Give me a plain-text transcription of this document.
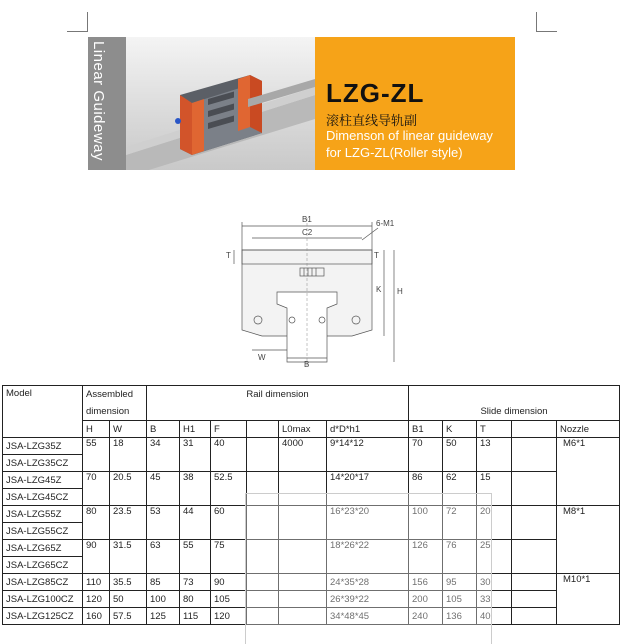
Linear Guideway	LZG-ZL
滚柱直线导轨副
Dimenson of linear guideway
for LZG-ZL(Roller style)
B1
C2
6-M1
T	T
K H
W
B
Model	Assembled dimension		Rail dimension						Slide dimension				
	H	W	B	H1	F		L0max	d*D*h1	B1	K	T		Nozzle
JSA-LZG35Z	55	18	34	31	40		4000	9*14*12	70	50	13		M6*1
JSA-LZG35CZ													
JSA-LZG45Z	70	20.5	45	38	52.5			14*20*17	86	62	15		
JSA-LZG45CZ													
JSA-LZG55Z	80	23.5	53	44	60			16*23*20	100	72	20		M8*1
JSA-LZG55CZ													
JSA-LZG65Z	90	31.5	63	55	75			18*26*22	126	76	25		
JSA-LZG65CZ													
JSA-LZG85CZ	110	35.5	85	73	90			24*35*28	156	95	30		M10*1
JSA-LZG100CZ	120	50	100	80	105			26*39*22	200	105	33		
JSA-LZG125CZ	160	57.5	125	115	120			34*48*45	240	136	40		
